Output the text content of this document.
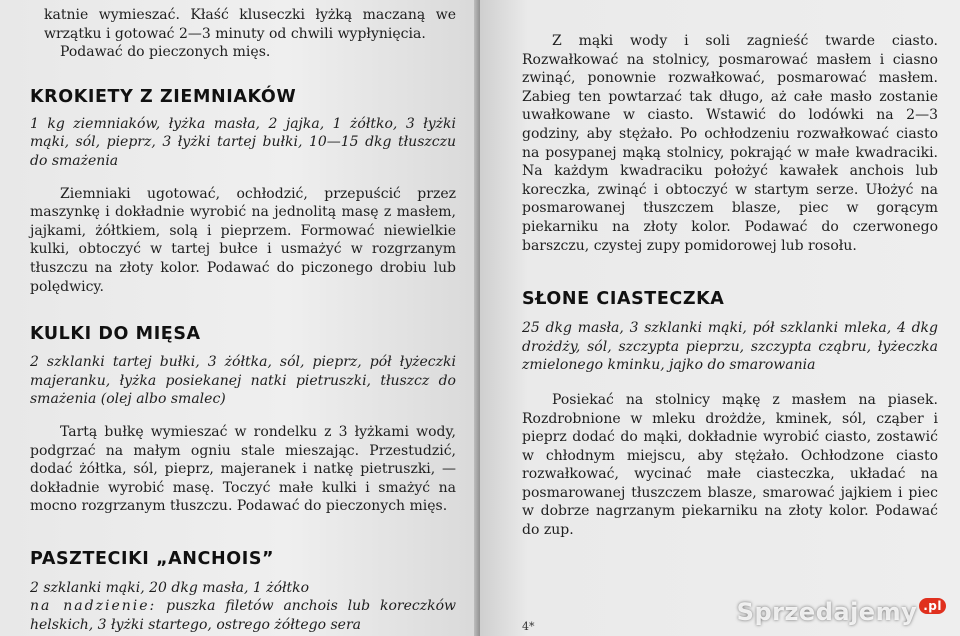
katnie wymieszać. Kłaść kluseczki łyżką maczaną we wrzątku i gotować 2—3 minuty od chwili wypłynięcia.

Podawać do pieczonych mięs.

KROKIETY Z ZIEMNIAKÓW

1 kg ziemniaków, łyżka masła, 2 jajka, 1 żółtko, 3 łyżki mąki, sól, pieprz, 3 łyżki tartej bułki, 10—15 dkg tłuszczu do smażenia

Ziemniaki ugotować, ochłodzić, przepuścić przez maszynkę i dokładnie wyrobić na jednolitą masę z masłem, jajkami, żółtkiem, solą i pieprzem. Formować niewielkie kulki, obtoczyć w tartej bułce i usmażyć w rozgrzanym tłuszczu na złoty kolor. Podawać do piczonego drobiu lub polędwicy.

KULKI DO MIĘSA

2 szklanki tartej bułki, 3 żółtka, sól, pieprz, pół łyżeczki majeranku, łyżka posiekanej natki pietruszki, tłuszcz do smażenia (olej albo smalec)

Tartą bułkę wymieszać w rondelku z 3 łyżkami wody, podgrzać na małym ogniu stale mieszając. Przestudzić, dodać żółtka, sól, pieprz, majeranek i natkę pietruszki, — dokładnie wyrobić masę. Toczyć małe kulki i smażyć na mocno rozgrzanym tłuszczu. Podawać do pieczonych mięs.

PASZTECIKI „ANCHOIS”

2 szklanki mąki, 20 dkg masła, 1 żółtko
na nadzienie: puszka filetów anchois lub koreczków helskich, 3 łyżki startego, ostrego żółtego sera

Z mąki wody i soli zagnieść twarde ciasto. Rozwałkować na stolnicy, posmarować masłem i ciasno zwinąć, ponownie rozwałkować, posmarować masłem. Zabieg ten powtarzać tak długo, aż całe masło zostanie uwałkowane w ciasto. Wstawić do lodówki na 2—3 godziny, aby stężało. Po ochłodzeniu rozwałkować ciasto na posypanej mąką stolnicy, pokrająć w małe kwadraciki. Na każdym kwadraciku położyć kawałek anchois lub koreczka, zwinąć i obtoczyć w startym serze. Ułożyć na posmarowanej tłuszczem blasze, piec w gorącym piekarniku na złoty kolor. Podawać do czerwonego barszczu, czystej zupy pomidorowej lub rosołu.

SŁONE CIASTECZKA

25 dkg masła, 3 szklanki mąki, pół szklanki mleka, 4 dkg drożdży, sól, szczypta pieprzu, szczypta cząbru, łyżeczka zmielonego kminku, jajko do smarowania

Posiekać na stolnicy mąkę z masłem na piasek. Rozdrobnione w mleku drożdże, kminek, sól, cząber i pieprz dodać do mąki, dokładnie wyrobić ciasto, zostawić w chłodnym miejscu, aby stężało. Ochłodzone ciasto rozwałkować, wycinać małe ciasteczka, układać na posmarowanej tłuszczem blasze, smarować jajkiem i piec w dobrze nagrzanym piekarniku na złoty kolor. Podawać do zup.

4*
Sprzedajemy .pl
